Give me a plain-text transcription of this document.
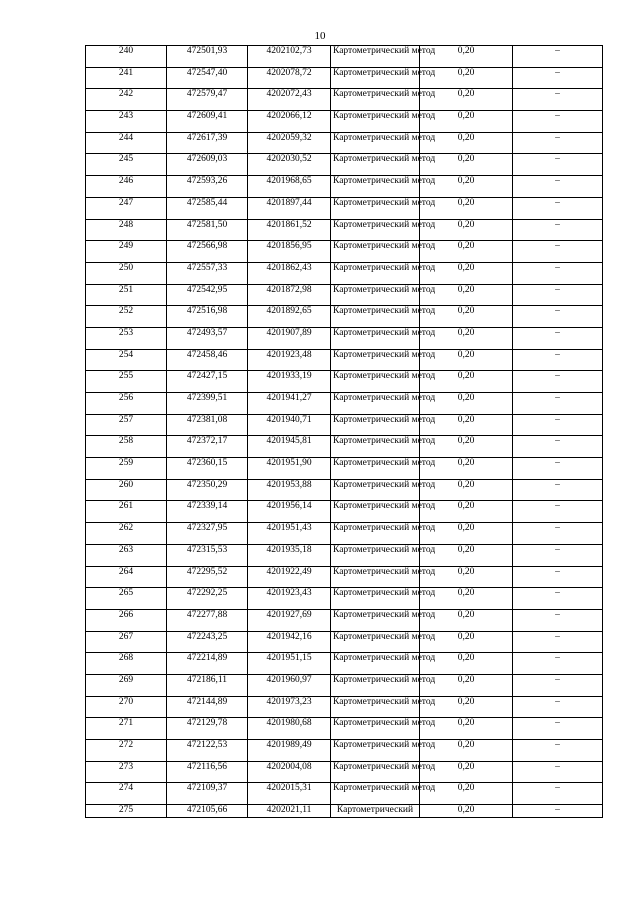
10
240	472501,93	4202102,73	Картометрический метод	0,20	–
241	472547,40	4202078,72	Картометрический метод	0,20	–
242	472579,47	4202072,43	Картометрический метод	0,20	–
243	472609,41	4202066,12	Картометрический метод	0,20	–
244	472617,39	4202059,32	Картометрический метод	0,20	–
245	472609,03	4202030,52	Картометрический метод	0,20	–
246	472593,26	4201968,65	Картометрический метод	0,20	–
247	472585,44	4201897,44	Картометрический метод	0,20	–
248	472581,50	4201861,52	Картометрический метод	0,20	–
249	472566,98	4201856,95	Картометрический метод	0,20	–
250	472557,33	4201862,43	Картометрический метод	0,20	–
251	472542,95	4201872,98	Картометрический метод	0,20	–
252	472516,98	4201892,65	Картометрический метод	0,20	–
253	472493,57	4201907,89	Картометрический метод	0,20	–
254	472458,46	4201923,48	Картометрический метод	0,20	–
255	472427,15	4201933,19	Картометрический метод	0,20	–
256	472399,51	4201941,27	Картометрический метод	0,20	–
257	472381,08	4201940,71	Картометрический метод	0,20	–
258	472372,17	4201945,81	Картометрический метод	0,20	–
259	472360,15	4201951,90	Картометрический метод	0,20	–
260	472350,29	4201953,88	Картометрический метод	0,20	–
261	472339,14	4201956,14	Картометрический метод	0,20	–
262	472327,95	4201951,43	Картометрический метод	0,20	–
263	472315,53	4201935,18	Картометрический метод	0,20	–
264	472295,52	4201922,49	Картометрический метод	0,20	–
265	472292,25	4201923,43	Картометрический метод	0,20	–
266	472277,88	4201927,69	Картометрический метод	0,20	–
267	472243,25	4201942,16	Картометрический метод	0,20	–
268	472214,89	4201951,15	Картометрический метод	0,20	–
269	472186,11	4201960,97	Картометрический метод	0,20	–
270	472144,89	4201973,23	Картометрический метод	0,20	–
271	472129,78	4201980,68	Картометрический метод	0,20	–
272	472122,53	4201989,49	Картометрический метод	0,20	–
273	472116,56	4202004,08	Картометрический метод	0,20	–
274	472109,37	4202015,31	Картометрический метод	0,20	–
275	472105,66	4202021,11	Картометрический	0,20	–
